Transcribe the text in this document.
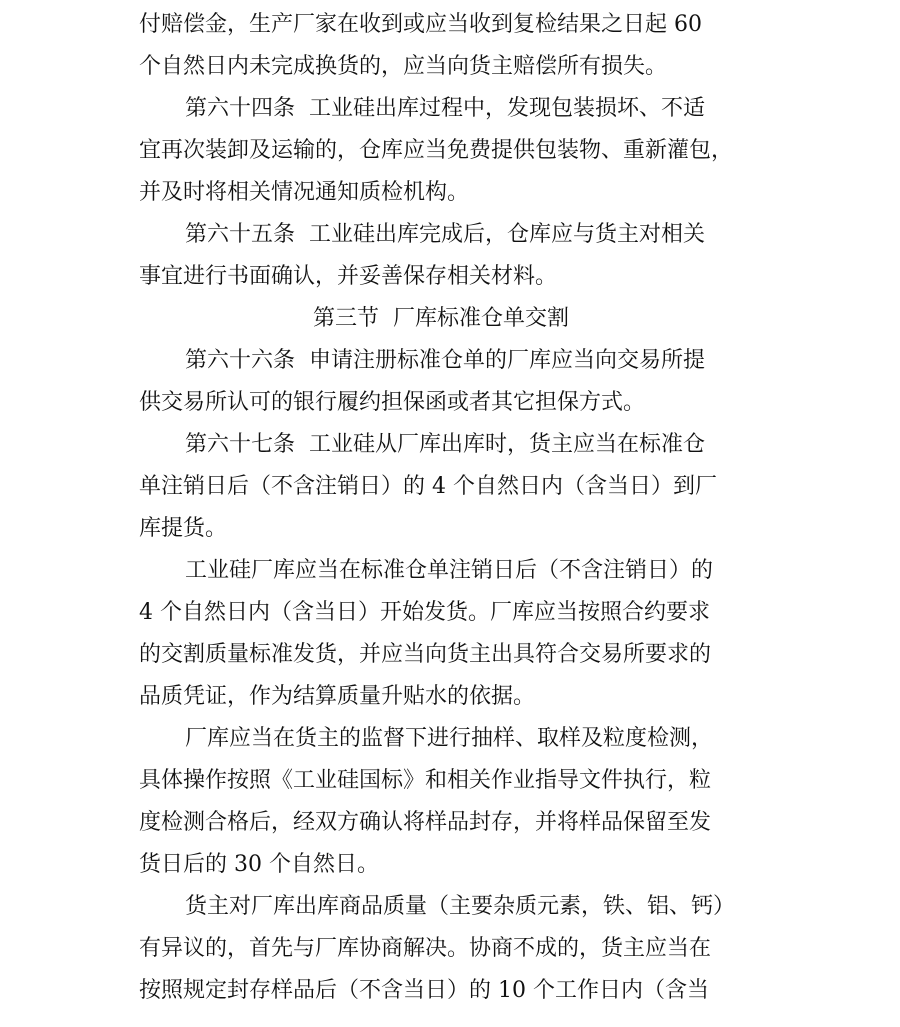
付赔偿金，生产厂家在收到或应当收到复检结果之日起 60
个自然日内未完成换货的，应当向货主赔偿所有损失。
第六十四条  工业硅出库过程中，发现包装损坏、不适
宜再次装卸及运输的，仓库应当免费提供包装物、重新灌包，
并及时将相关情况通知质检机构。
第六十五条  工业硅出库完成后，仓库应与货主对相关
事宜进行书面确认，并妥善保存相关材料。
第三节  厂库标准仓单交割
第六十六条  申请注册标准仓单的厂库应当向交易所提
供交易所认可的银行履约担保函或者其它担保方式。
第六十七条  工业硅从厂库出库时，货主应当在标准仓
单注销日后（不含注销日）的 4 个自然日内（含当日）到厂
库提货。
工业硅厂库应当在标准仓单注销日后（不含注销日）的
4 个自然日内（含当日）开始发货。厂库应当按照合约要求
的交割质量标准发货，并应当向货主出具符合交易所要求的
品质凭证，作为结算质量升贴水的依据。
厂库应当在货主的监督下进行抽样、取样及粒度检测，
具体操作按照《工业硅国标》和相关作业指导文件执行，粒
度检测合格后，经双方确认将样品封存，并将样品保留至发
货日后的 30 个自然日。
货主对厂库出库商品质量（主要杂质元素，铁、铝、钙）
有异议的，首先与厂库协商解决。协商不成的，货主应当在
按照规定封存样品后（不含当日）的 10 个工作日内（含当
